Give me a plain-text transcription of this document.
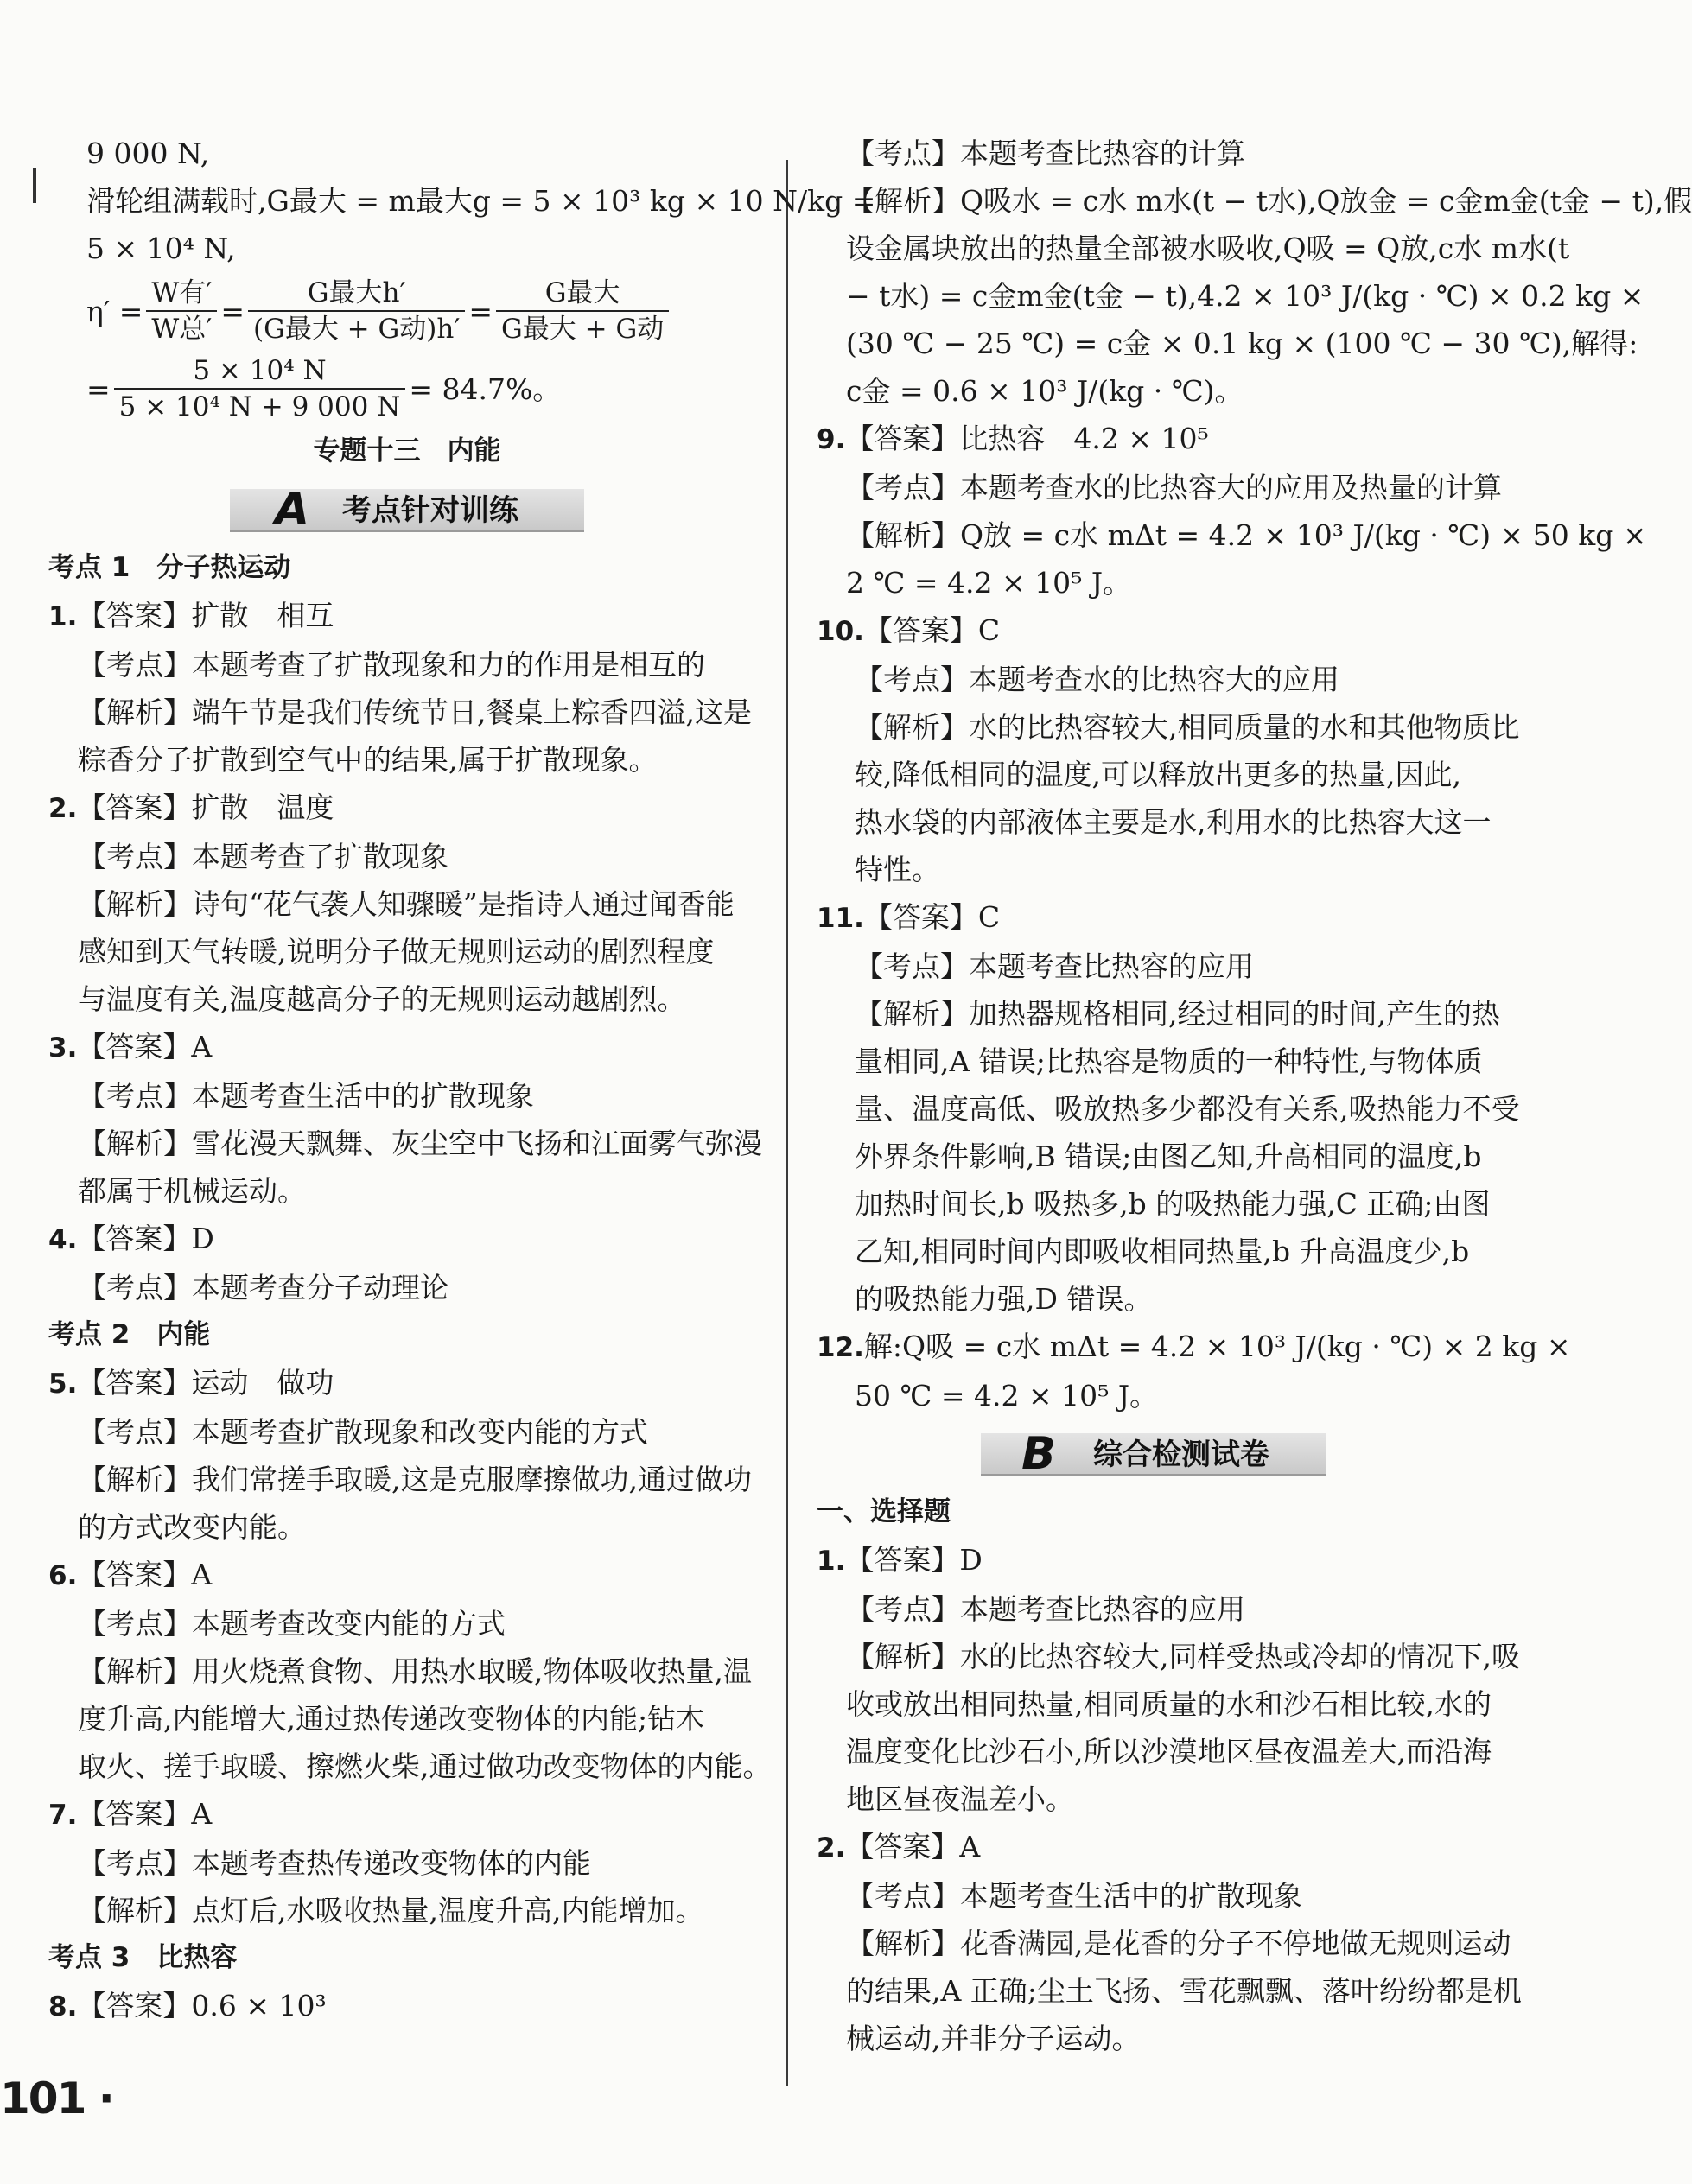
9 000 N,

滑轮组满载时,G最大 = m最大g = 5 × 10³ kg × 10 N/kg =

5 × 10⁴ N,

$\eta' = \frac{\text{W有′}}{\text{W总′}} = \frac{\text{G最大h′}}{\text{(G最大 + G动)h′}} = \frac{\text{G最大}}{\text{G最大 + G动}}$
= $\frac{\text{5 × 10⁴ N}}{\text{5 × 10⁴ N + 9 000 N}} = 84.7\%$。

专题十三　内能

考点针对训练
A

考点 1　分子热运动

1.【答案】扩散　相互

【考点】本题考查了扩散现象和力的作用是相互的

【解析】端午节是我们传统节日,餐桌上粽香四溢,这是

粽香分子扩散到空气中的结果,属于扩散现象。

2.【答案】扩散　温度

【考点】本题考查了扩散现象

【解析】诗句“花气袭人知骤暖”是指诗人通过闻香能

感知到天气转暖,说明分子做无规则运动的剧烈程度

与温度有关,温度越高分子的无规则运动越剧烈。

3.【答案】A

【考点】本题考查生活中的扩散现象

【解析】雪花漫天飘舞、灰尘空中飞扬和江面雾气弥漫

都属于机械运动。

4.【答案】D

【考点】本题考查分子动理论

考点 2　内能

5.【答案】运动　做功

【考点】本题考查扩散现象和改变内能的方式

【解析】我们常搓手取暖,这是克服摩擦做功,通过做功

的方式改变内能。

6.【答案】A

【考点】本题考查改变内能的方式

【解析】用火烧煮食物、用热水取暖,物体吸收热量,温

度升高,内能增大,通过热传递改变物体的内能;钻木

取火、搓手取暖、擦燃火柴,通过做功改变物体的内能。

7.【答案】A

【考点】本题考查热传递改变物体的内能

【解析】点灯后,水吸收热量,温度升高,内能增加。

考点 3　比热容

8.【答案】0.6 × 10³

【考点】本题考查比热容的计算

【解析】Q吸水 = c水 m水(t − t水),Q放金 = c金m金(t金 − t),假

设金属块放出的热量全部被水吸收,Q吸 = Q放,c水 m水(t

− t水) = c金m金(t金 − t),4.2 × 10³ J/(kg · ℃) × 0.2 kg ×

(30 ℃ − 25 ℃) = c金 × 0.1 kg × (100 ℃ − 30 ℃),解得:

c金 = 0.6 × 10³ J/(kg · ℃)。

9.【答案】比热容　4.2 × 10⁵

【考点】本题考查水的比热容大的应用及热量的计算

【解析】Q放 = c水 mΔt = 4.2 × 10³ J/(kg · ℃) × 50 kg ×

2 ℃ = 4.2 × 10⁵ J。

10.【答案】C

【考点】本题考查水的比热容大的应用

【解析】水的比热容较大,相同质量的水和其他物质比

较,降低相同的温度,可以释放出更多的热量,因此,

热水袋的内部液体主要是水,利用水的比热容大这一

特性。

11.【答案】C

【考点】本题考查比热容的应用

【解析】加热器规格相同,经过相同的时间,产生的热

量相同,A 错误;比热容是物质的一种特性,与物体质

量、温度高低、吸放热多少都没有关系,吸热能力不受

外界条件影响,B 错误;由图乙知,升高相同的温度,b

加热时间长,b 吸热多,b 的吸热能力强,C 正确;由图

乙知,相同时间内即吸收相同热量,b 升高温度少,b

的吸热能力强,D 错误。

12.解:Q吸 = c水 mΔt = 4.2 × 10³ J/(kg · ℃) × 2 kg ×

50 ℃ = 4.2 × 10⁵ J。

综合检测试卷
B

一、选择题

1.【答案】D

【考点】本题考查比热容的应用

【解析】水的比热容较大,同样受热或冷却的情况下,吸

收或放出相同热量,相同质量的水和沙石相比较,水的

温度变化比沙石小,所以沙漠地区昼夜温差大,而沿海

地区昼夜温差小。

2.【答案】A

【考点】本题考查生活中的扩散现象

【解析】花香满园,是花香的分子不停地做无规则运动

的结果,A 正确;尘土飞扬、雪花飘飘、落叶纷纷都是机

械运动,并非分子运动。

101 ·
